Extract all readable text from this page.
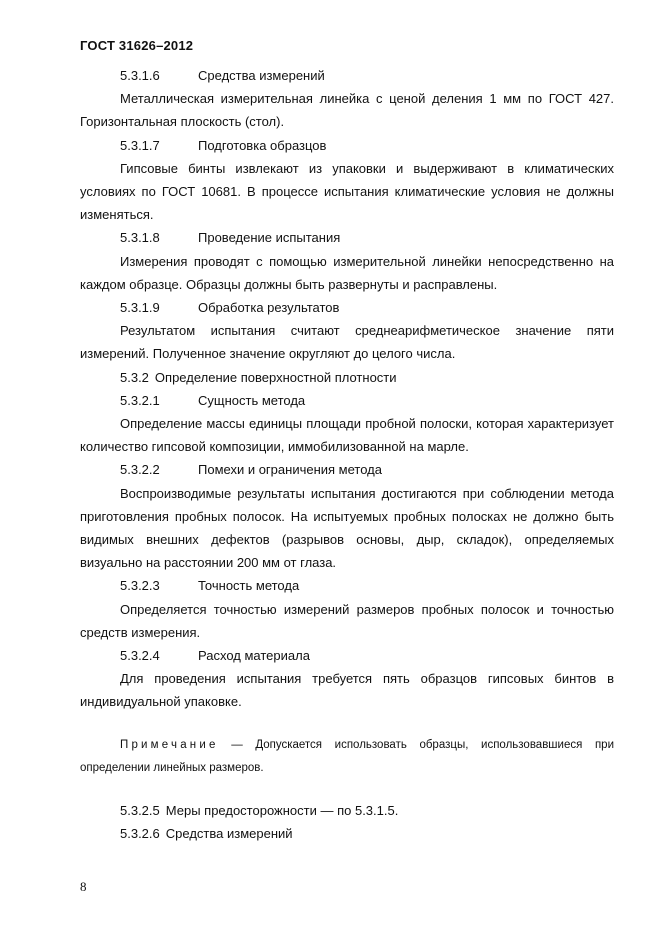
ГОСТ 31626–2012

5.3.1.6	Средства измерений

Металлическая измерительная линейка с ценой деления 1 мм по ГОСТ 427. Горизонтальная плоскость (стол).

5.3.1.7	Подготовка образцов

Гипсовые бинты извлекают из упаковки и выдерживают в климатических условиях по ГОСТ 10681. В процессе испытания климатические условия не должны изменяться.

5.3.1.8	Проведение испытания

Измерения проводят с помощью измерительной линейки непосредственно на каждом образце. Образцы должны быть развернуты и расправлены.

5.3.1.9	Обработка результатов

Результатом испытания считают среднеарифметическое значение пяти измерений. Полученное значение округляют до целого числа.

5.3.2 Определение поверхностной плотности

5.3.2.1	Сущность метода

Определение массы единицы площади пробной полоски, которая характеризует количество гипсовой композиции, иммобилизованной на марле.

5.3.2.2	Помехи и ограничения метода

Воспроизводимые результаты испытания достигаются при соблюдении метода приготовления пробных полосок. На испытуемых пробных полосках не должно быть видимых внешних дефектов (разрывов основы, дыр, складок), определяемых визуально на расстоянии 200 мм от глаза.

5.3.2.3	Точность метода

Определяется точностью измерений размеров пробных полосок и точностью средств измерения.

5.3.2.4	Расход материала

Для проведения испытания требуется пять образцов гипсовых бинтов в индивидуальной упаковке.

Примечание — Допускается использовать образцы, использовавшиеся при определении линейных размеров.

5.3.2.5 Меры предосторожности — по 5.3.1.5.

5.3.2.6 Средства измерений

8
